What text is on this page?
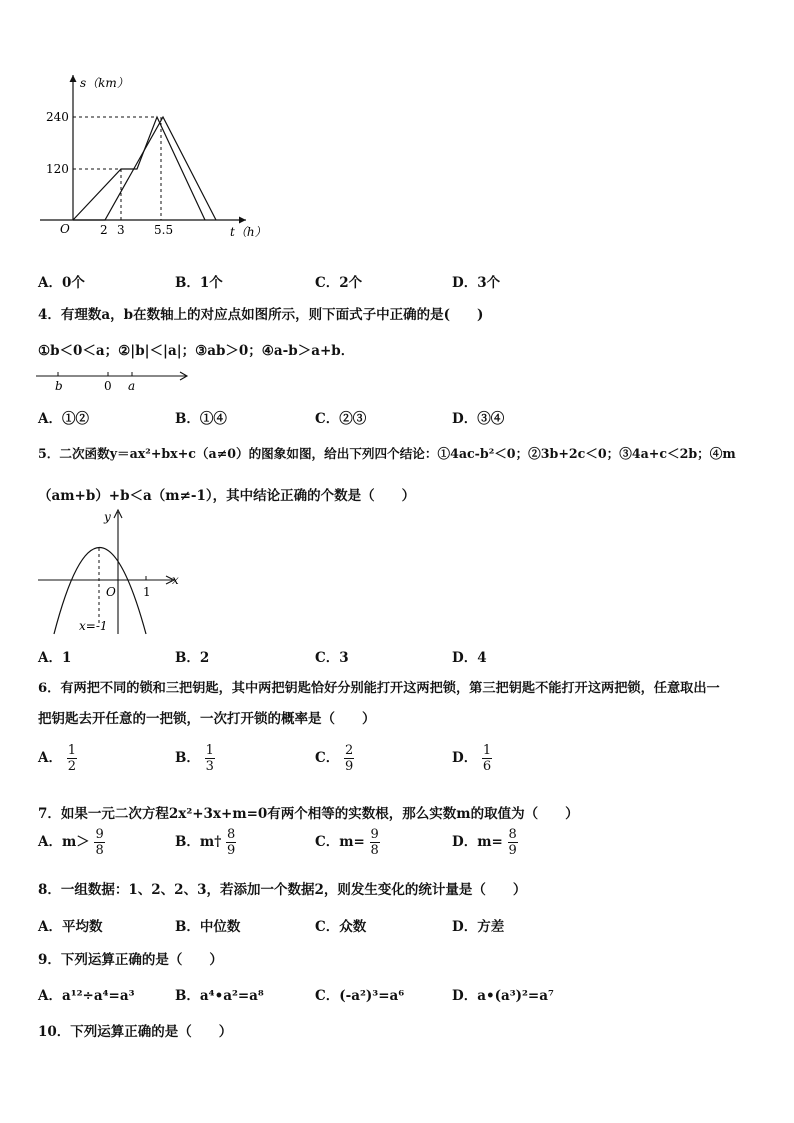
s（km）
t（h）
O
240
120
2 3 5.5
A．0个	B．1个	C．2个	D．3个
4．有理数a，b在数轴上的对应点如图所示，则下面式子中正确的是(　　)
①b＜0＜a；②|b|＜|a|；③ab＞0；④a-b＞a+b．
b	0 a
A．①②	B．①④	C．②③	D．③④
5．二次函数y＝ax²+bx+c（a≠0）的图象如图，给出下列四个结论：①4ac-b²＜0；②3b+2c＜0；③4a+c＜2b；④m
（am+b）+b＜a（m≠-1），其中结论正确的个数是（　　）
y
x
O 1
x=-1
A．1	B．2	C．3	D．4
6．有两把不同的锁和三把钥匙，其中两把钥匙恰好分别能打开这两把锁，第三把钥匙不能打开这两把锁，任意取出一
把钥匙去开任意的一把锁，一次打开锁的概率是（　　）
A． $\frac{1}{2}$	B． $\frac{1}{3}$	C． $\frac{2}{9}$	D． $\frac{1}{6}$
7．如果一元二次方程2x²+3x+m=0有两个相等的实数根，那么实数m的取值为（　　）
A．$m> \frac{9}{8}$	B．m† $\frac{8}{9}$	C．$m= \frac{9}{8}$	D．$m= \frac{8}{9}$
8．一组数据：1、2、2、3，若添加一个数据2，则发生变化的统计量是（　　）
A．平均数	B．中位数	C．众数	D．方差
9．下列运算正确的是（　　）
A．a¹²÷a⁴=a³	B．a⁴•a²=a⁸	C．(-a²)³=a⁶	D．a•(a³)²=a⁷
10．下列运算正确的是（　　）
